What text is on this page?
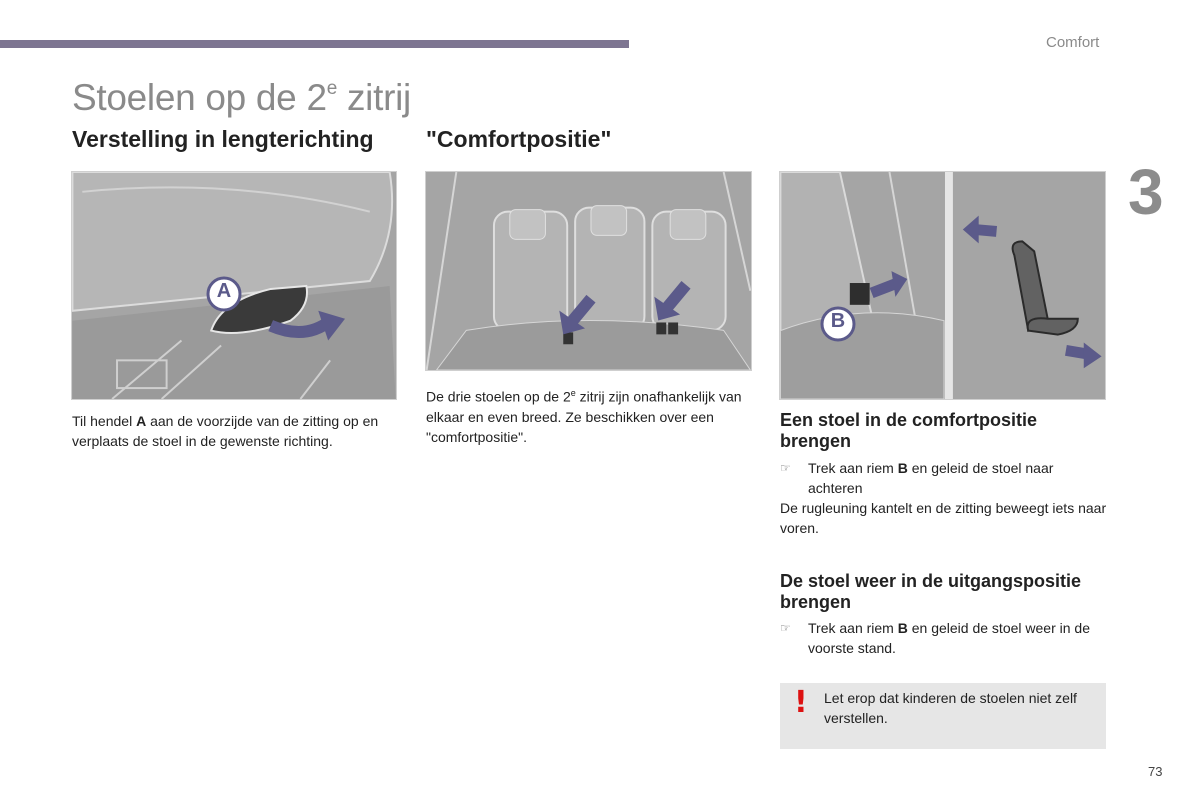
Comfort
3
Stoelen op de 2e zitrij
Verstelling in lengterichting
A

Til hendel A aan de voorzijde van de zitting op en verplaats de stoel in de gewenste richting.

"Comfortpositie"

De drie stoelen op de 2e zitrij zijn onafhankelijk van elkaar en even breed. Ze beschikken over een "comfortpositie".

B
Een stoel in de comfortpositie brengen
☞	Trek aan riem B en geleid de stoel naar achteren

De rugleuning kantelt en de zitting beweegt iets naar voren.

De stoel weer in de uitgangspositie brengen
☞	Trek aan riem B en geleid de stoel weer in de voorste stand.
! Let erop dat kinderen de stoelen niet zelf verstellen.

73
